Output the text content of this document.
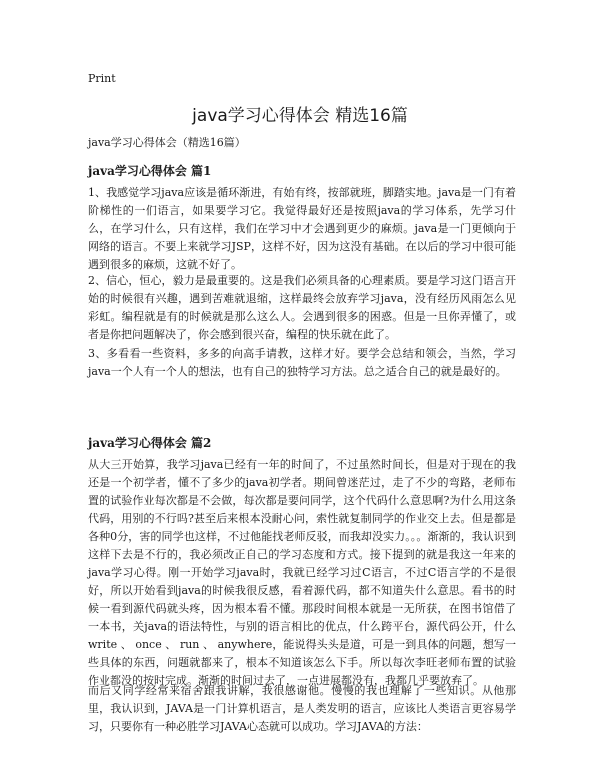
Print
java学习心得体会 精选16篇
java学习心得体会（精选16篇）
java学习心得体会 篇1
1、我感觉学习java应该是循环渐进，有始有终，按部就班，脚踏实地。java是一门有着阶梯性的一们语言，如果要学习它。我觉得最好还是按照java的学习体系，先学习什么，在学习什么，只有这样，我们在学习中才会遇到更少的麻烦。java是一门更倾向于网络的语言。不要上来就学习JSP，这样不好，因为这没有基础。在以后的学习中很可能遇到很多的麻烦，这就不好了。
2、信心，恒心，毅力是最重要的。这是我们必须具备的心理素质。要是学习这门语言开始的时候很有兴趣，遇到苦难就退缩，这样最终会放弃学习java，没有经历风雨怎么见彩虹。编程就是有的时候就是那么这么人。会遇到很多的困惑。但是一旦你弄懂了，或者是你把问题解决了，你会感到很兴奋，编程的快乐就在此了。
3、多看看一些资料，多多的向高手请教，这样才好。要学会总结和领会，当然，学习java一个人有一个人的想法，也有自己的独特学习方法。总之适合自己的就是最好的。
java学习心得体会 篇2
从大三开始算，我学习java已经有一年的时间了，不过虽然时间长，但是对于现在的我还是一个初学者，懂不了多少的java初学者。期间曾迷茫过，走了不少的弯路，老师布置的试验作业每次都是不会做，每次都是要问同学，这个代码什么意思啊?为什么用这条代码，用别的不行吗?甚至后来根本没耐心问，索性就复制同学的作业交上去。但是都是各种0分，害的同学也这样，不过他能找老师反驳，而我却没实力。。。渐渐的，我认识到这样下去是不行的，我必须改正自己的学习态度和方式。接下提到的就是我这一年来的java学习心得。刚一开始学习java时，我就已经学习过C语言，不过C语言学的不是很好，所以开始看到java的时候我很反感，看着源代码，都不知道失什么意思。看书的时候一看到源代码就头疼，因为根本看不懂。那段时间根本就是一无所获，在图书馆借了一本书，关java的语法特性，与别的语言相比的优点，什么跨平台，源代码公开，什么write 、 once 、 run 、 anywhere，能说得头头是道，可是一到具体的问题，想写一些具体的东西，问题就都来了，根本不知道该怎么下手。所以每次李旺老师布置的试验作业都没的按时完成。渐渐的时间过去了，一点进展都没有，我都几乎要放弃了。
而后又同学经常来宿舍跟我讲解，我很感谢他。慢慢的我也理解了一些知识。从他那里，我认识到，JAVA是一门计算机语言，是人类发明的语言，应该比人类语言更容易学习，只要你有一种必胜学习JAVA心态就可以成功。学习JAVA的方法：
